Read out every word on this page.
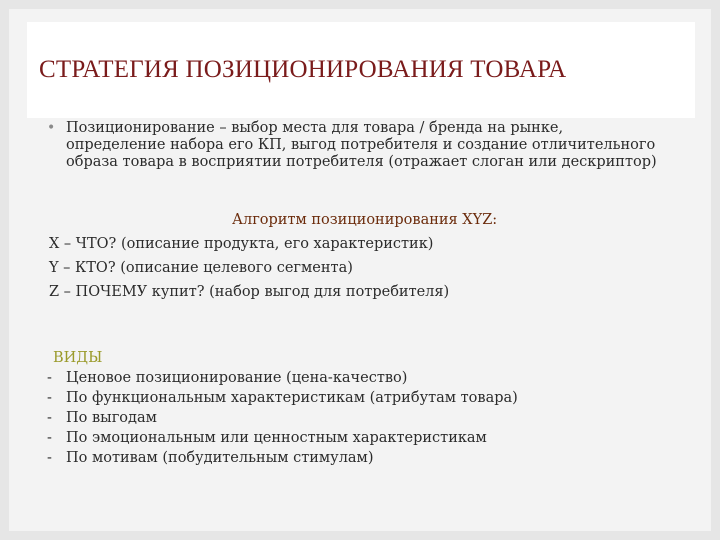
СТРАТЕГИЯ ПОЗИЦИОНИРОВАНИЯ ТОВАРА
• Позиционирование – выбор места для товара / бренда на рынке, определение набора его КП, выгод потребителя и создание отличительного образа товара в восприятии потребителя (отражает слоган или дескриптор)
Алгоритм позиционирования XYZ:
X – ЧТО? (описание продукта, его характеристик)
Y – КТО? (описание целевого сегмента)
Z – ПОЧЕМУ купит? (набор выгод для потребителя)
ВИДЫ
- Ценовое позиционирование (цена-качество)
- По функциональным характеристикам (атрибутам товара)
- По выгодам
- По эмоциональным или ценностным характеристикам
- По мотивам (побудительным стимулам)
